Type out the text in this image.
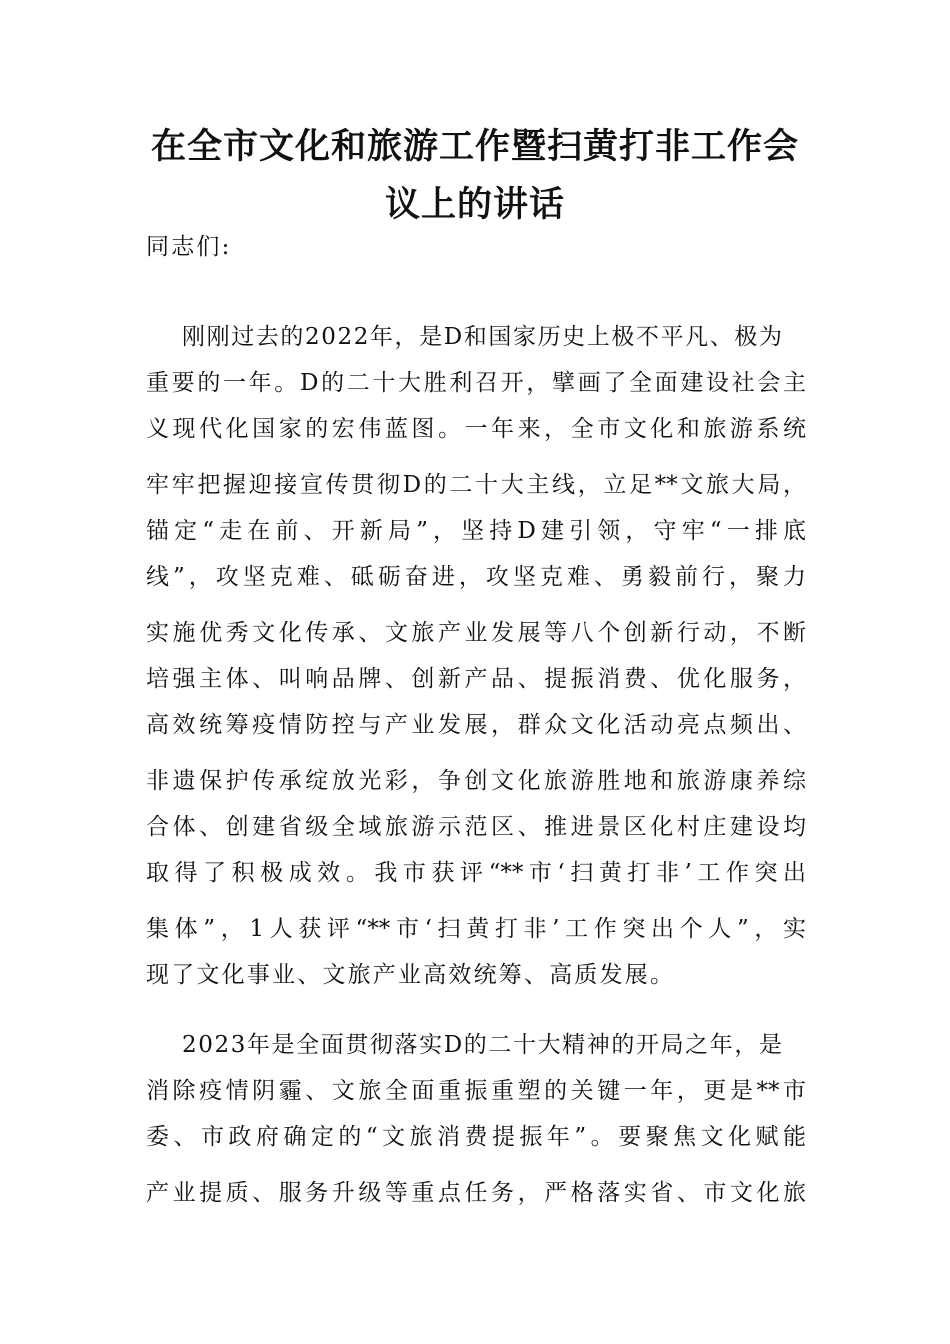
在全市文化和旅游工作暨扫黄打非工作会
议上的讲话
同志们:
刚刚过去的2022年，是D和国家历史上极不平凡、极为
重要的一年。D的二十大胜利召开，擘画了全面建设社会主
义现代化国家的宏伟蓝图。一年来，全市文化和旅游系统
牢牢把握迎接宣传贯彻D的二十大主线，立足**文旅大局，
锚定“走在前、开新局”，坚持D建引领，守牢“一排底
线”，攻坚克难、砥砺奋进，攻坚克难、勇毅前行，聚力
实施优秀文化传承、文旅产业发展等八个创新行动，不断
培强主体、叫响品牌、创新产品、提振消费、优化服务，
高效统筹疫情防控与产业发展，群众文化活动亮点频出、
非遗保护传承绽放光彩，争创文化旅游胜地和旅游康养综
合体、创建省级全域旅游示范区、推进景区化村庄建设均
取得了积极成效。我市获评“**市‘扫黄打非’工作突出
集体”，1人获评“**市‘扫黄打非’工作突出个人”，实
现了文化事业、文旅产业高效统筹、高质发展。
2023年是全面贯彻落实D的二十大精神的开局之年，是
消除疫情阴霾、文旅全面重振重塑的关键一年，更是**市
委、市政府确定的“文旅消费提振年”。要聚焦文化赋能
产业提质、服务升级等重点任务，严格落实省、市文化旅
